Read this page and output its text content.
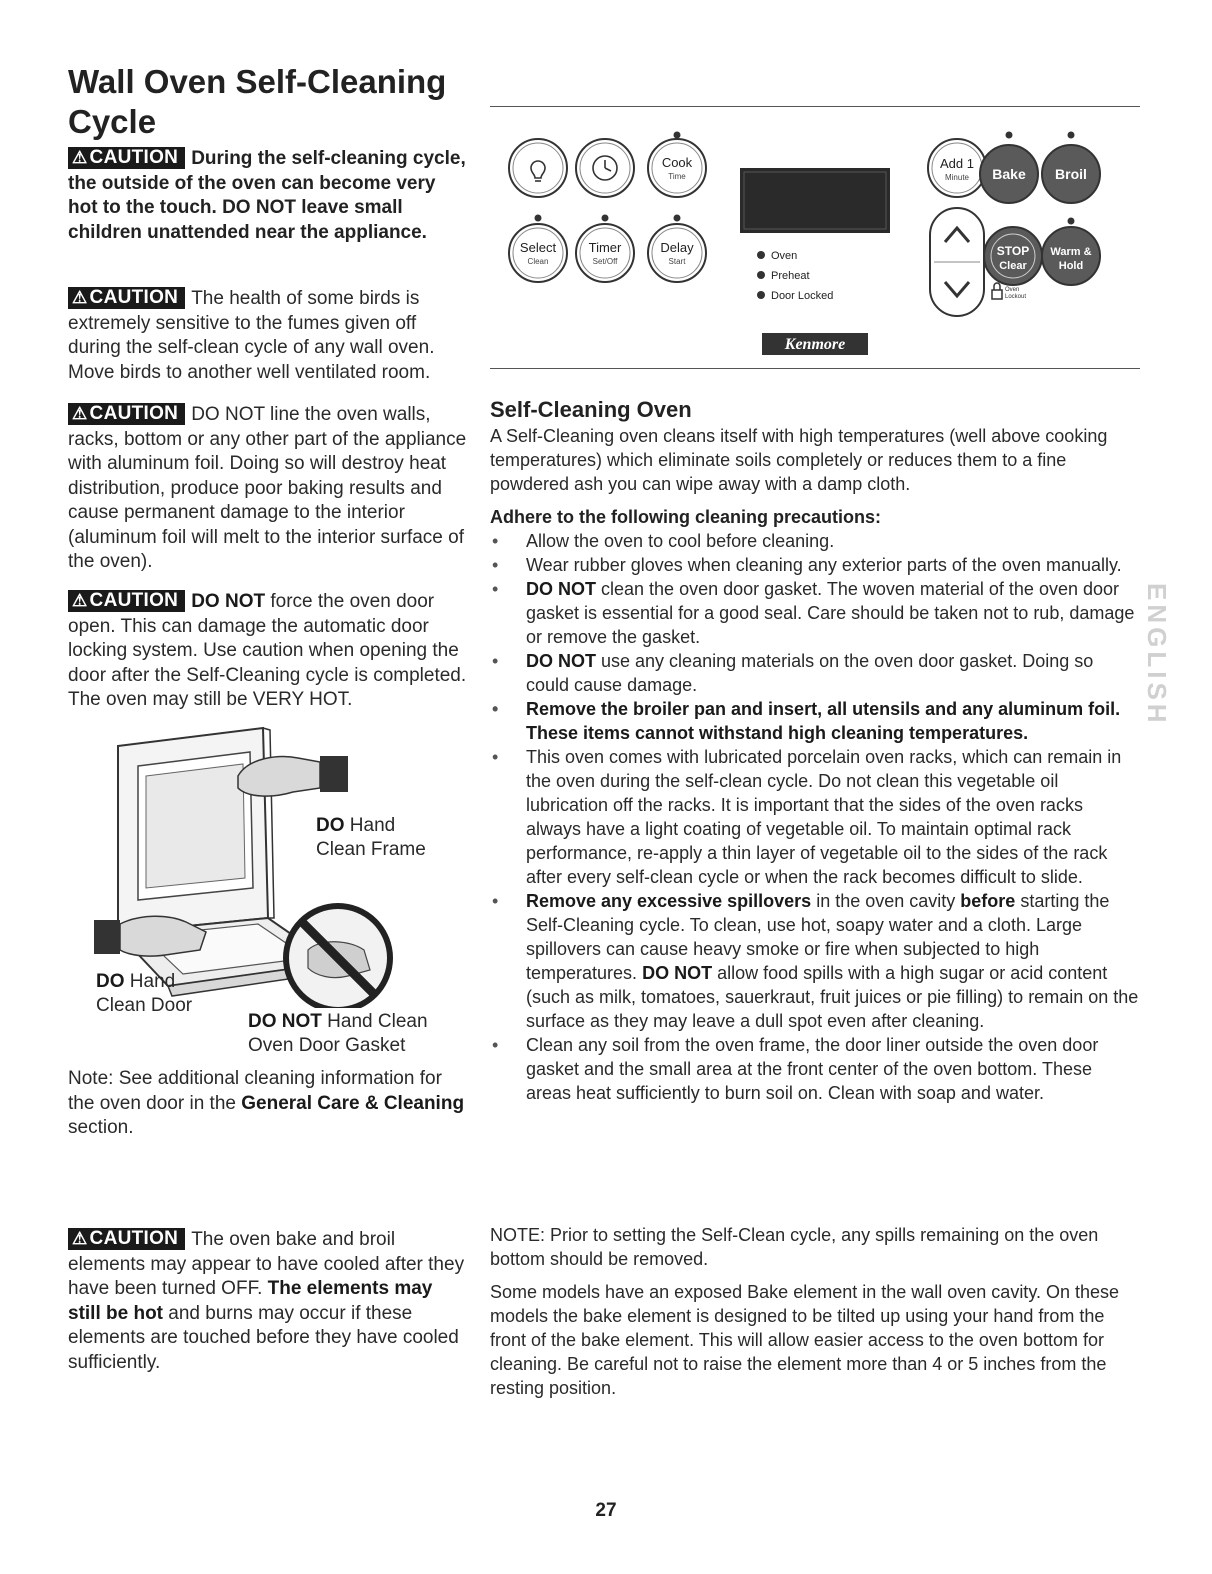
Wall Oven Self-Cleaning Cycle

⚠ CAUTION During the self-cleaning cycle, the outside of the oven can become very hot to the touch. DO NOT leave small children unattended near the appliance.

⚠ CAUTION The health of some birds is extremely sensitive to the fumes given off during the self-clean cycle of any wall oven. Move birds to another well ventilated room.

⚠ CAUTION DO NOT line the oven walls, racks, bottom or any other part of the appliance with aluminum foil. Doing so will destroy heat distribution, produce poor baking results and cause permanent damage to the interior (aluminum foil will melt to the interior surface of the oven).

⚠ CAUTION DO NOT force the oven door open. This can damage the automatic door locking system. Use caution when opening the door after the Self-Cleaning cycle is completed. The oven may still be VERY HOT.

DO Hand
Clean Frame
DO Hand
Clean Door
DO NOT Hand Clean
Oven Door Gasket

Note: See additional cleaning information for the oven door in the General Care & Cleaning section.

⚠ CAUTION The oven bake and broil elements may appear to have cooled after they have been turned OFF. The elements may still be hot and burns may occur if these elements are touched before they have cooled sufficiently.

Cook
Time
Select
Clean
Timer
Set/Off
Delay
Start	Oven
Preheat
Door Locked
Add 1
Minute Bake Broil
STOP
Clear
Warm &
Hold
Oven
Lockout
Kenmore
Self-Cleaning Oven

A Self-Cleaning oven cleans itself with high temperatures (well above cooking temperatures) which eliminate soils completely or reduces them to a fine powdered ash you can wipe away with a damp cloth.

Adhere to the following cleaning precautions:

• Allow the oven to cool before cleaning.
• Wear rubber gloves when cleaning any exterior parts of the oven manually.
• DO NOT clean the oven door gasket. The woven material of the oven door gasket is essential for a good seal. Care should be taken not to rub, damage or remove the gasket.
• DO NOT use any cleaning materials on the oven door gasket. Doing so could cause damage.
• Remove the broiler pan and insert, all utensils and any aluminum foil. These items cannot withstand high cleaning temperatures.
• This oven comes with lubricated porcelain oven racks, which can remain in the oven during the self-clean cycle. Do not clean this vegetable oil lubrication off the racks. It is important that the sides of the oven racks always have a light coating of vegetable oil. To maintain optimal rack performance, re-apply a thin layer of vegetable oil to the sides of the rack after every self-clean cycle or when the rack becomes difficult to slide.
• Remove any excessive spillovers in the oven cavity before starting the Self-Cleaning cycle. To clean, use hot, soapy water and a cloth. Large spillovers can cause heavy smoke or fire when subjected to high temperatures. DO NOT allow food spills with a high sugar or acid content (such as milk, tomatoes, sauerkraut, fruit juices or pie filling) to remain on the surface as they may leave a dull spot even after cleaning.
• Clean any soil from the oven frame, the door liner outside the oven door gasket and the small area at the front center of the oven bottom. These areas heat sufficiently to burn soil on. Clean with soap and water.

NOTE: Prior to setting the Self-Clean cycle, any spills remaining on the oven bottom should be removed.

Some models have an exposed Bake element in the wall oven cavity. On these models the bake element is designed to be tilted up using your hand from the front of the bake element. This will allow easier access to the oven bottom for cleaning. Be careful not to raise the element more than 4 or 5 inches from the resting position.

ENGLISH
27
